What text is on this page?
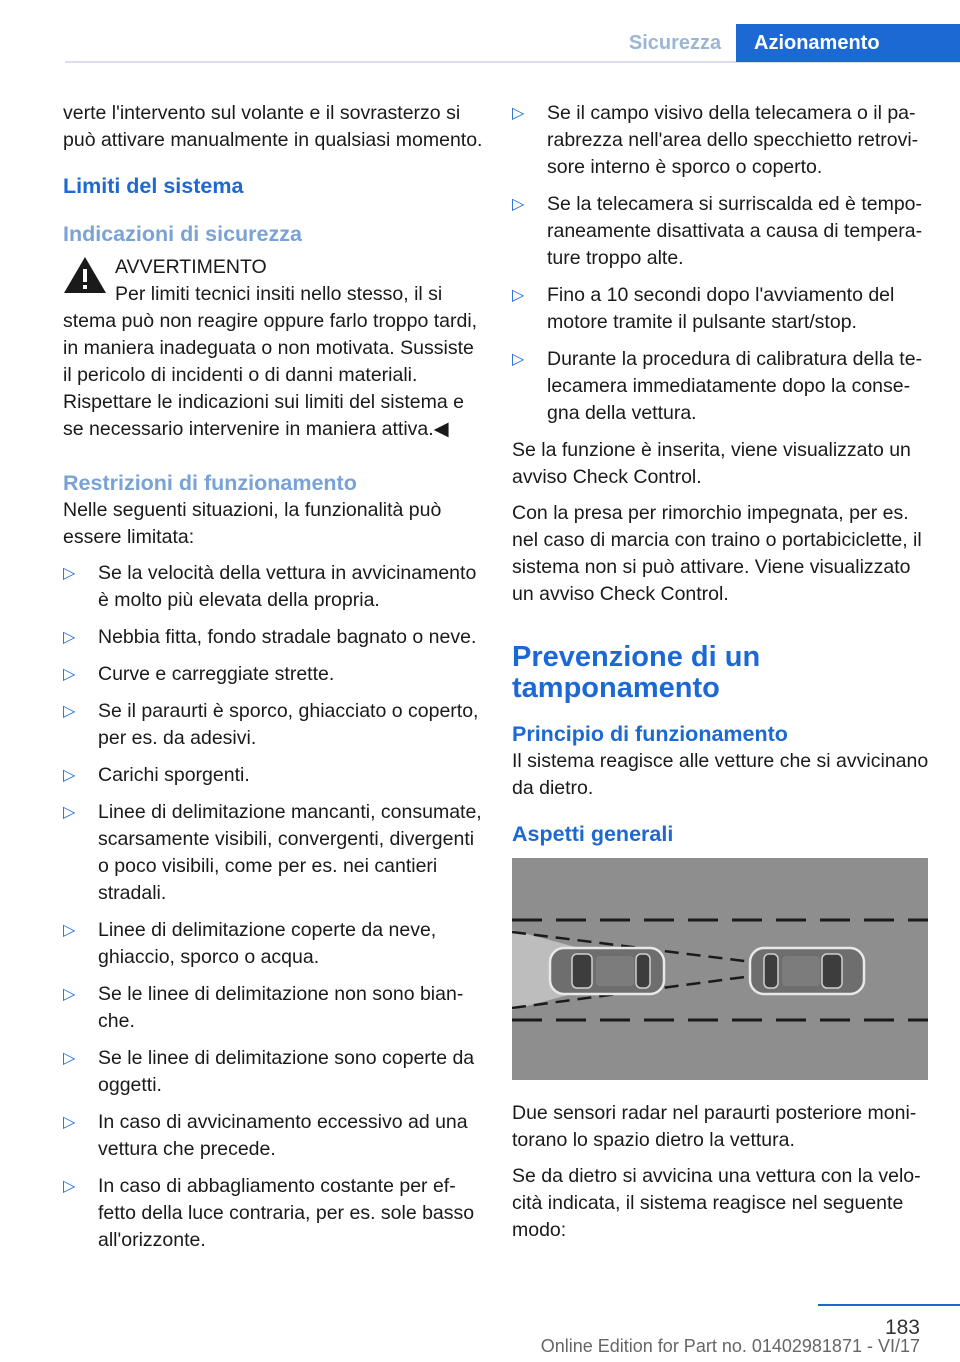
Sicurezza	Azionamento

verte l'intervento sul volante e il sovrasterzo si può attivare manualmente in qualsiasi momento.

Limiti del sistema
Indicazioni di sicurezza
AVVERTIMENTO
Per limiti tecnici insiti nello stesso, il si

stema può non reagire oppure farlo troppo tardi, in maniera inadeguata o non motivata. Sussiste il pericolo di incidenti o di danni materiali. Rispettare le indicazioni sui limiti del sistema e se necessario intervenire in maniera attiva.◀

Restrizioni di funzionamento

Nelle seguenti situazioni, la funzionalità può essere limitata:

▷ Se la velocità della vettura in avvicinamento è molto più elevata della propria.
▷ Nebbia fitta, fondo stradale bagnato o neve.
▷ Curve e carreggiate strette.
▷ Se il paraurti è sporco, ghiacciato o coperto, per es. da adesivi.
▷ Carichi sporgenti.
▷ Linee di delimitazione mancanti, consumate, scarsamente visibili, convergenti, divergenti o poco visibili, come per es. nei cantieri stradali.
▷ Linee di delimitazione coperte da neve, ghiaccio, sporco o acqua.
▷ Se le linee di delimitazione non sono bianche.
▷ Se le linee di delimitazione sono coperte da oggetti.
▷ In caso di avvicinamento eccessivo ad una vettura che precede.
▷ In caso di abbagliamento costante per effetto della luce contraria, per es. sole basso all'orizzonte.
▷ Se il campo visivo della telecamera o il parabrezza nell'area dello specchietto retrovisore interno è sporco o coperto.
▷ Se la telecamera si surriscalda ed è temporaneamente disattivata a causa di temperature troppo alte.
▷ Fino a 10 secondi dopo l'avviamento del motore tramite il pulsante start/stop.
▷ Durante la procedura di calibratura della telecamera immediatamente dopo la consegna della vettura.

Se la funzione è inserita, viene visualizzato un avviso Check Control.

Con la presa per rimorchio impegnata, per es. nel caso di marcia con traino o portabiciclette, il sistema non si può attivare. Viene visualizzato un avviso Check Control.

Prevenzione di un tamponamento
Principio di funzionamento

Il sistema reagisce alle vetture che si avvicinano da dietro.

Aspetti generali

Due sensori radar nel paraurti posteriore monitorano lo spazio dietro la vettura.

Se da dietro si avvicina una vettura con la velocità indicata, il sistema reagisce nel seguente modo:

183
Online Edition for Part no. 01402981871 - VI/17
